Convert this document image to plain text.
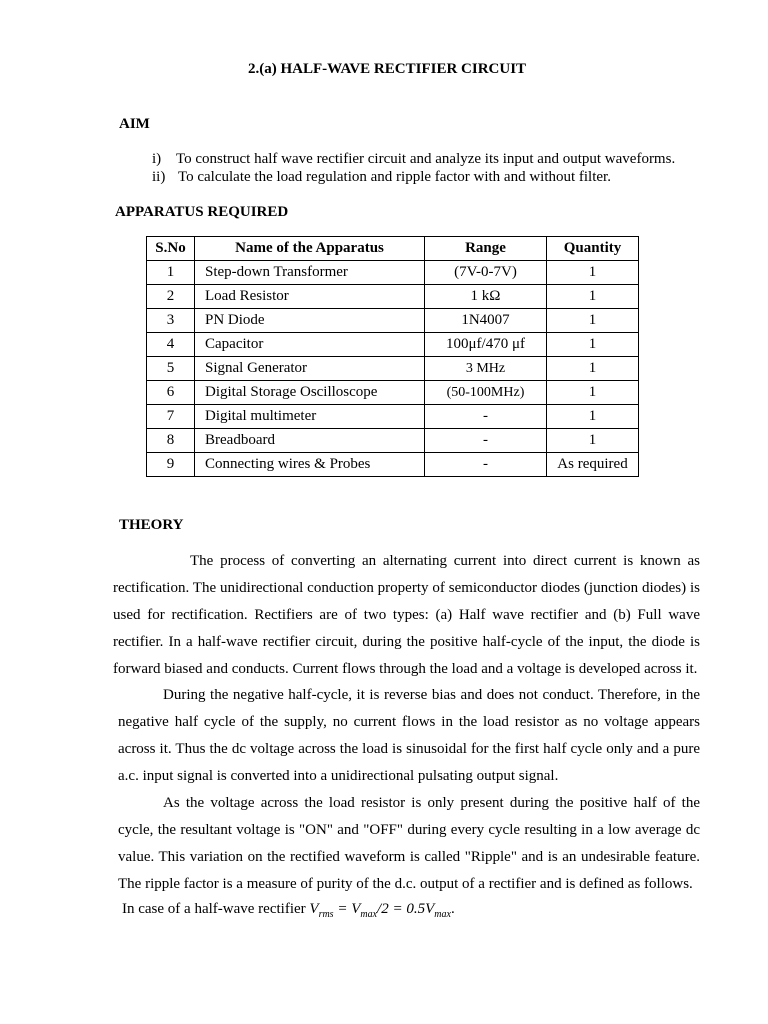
2.(a) HALF-WAVE RECTIFIER CIRCUIT
AIM
i) To construct half wave rectifier circuit and analyze its input and output waveforms.
ii) To calculate the load regulation and ripple factor with and without filter.
APPARATUS REQUIRED
S.No	Name of the Apparatus	Range	Quantity
1	Step-down Transformer	(7V-0-7V)	1
2	Load Resistor	1 kΩ	1
3	PN Diode	1N4007	1
4	Capacitor	100μf/470 μf	1
5	Signal Generator	3 MHz	1
6	Digital Storage Oscilloscope	(50-100MHz)	1
7	Digital multimeter	-	1
8	Breadboard	-	1
9	Connecting wires & Probes	-	As required
THEORY
The process of converting an alternating current into direct current is known as rectification. The unidirectional conduction property of semiconductor diodes (junction diodes) is used for rectification. Rectifiers are of two types: (a) Half wave rectifier and (b) Full wave rectifier. In a half-wave rectifier circuit, during the positive half-cycle of the input, the diode is forward biased and conducts. Current flows through the load and a voltage is developed across it.
During the negative half-cycle, it is reverse bias and does not conduct. Therefore, in the negative half cycle of the supply, no current flows in the load resistor as no voltage appears across it. Thus the dc voltage across the load is sinusoidal for the first half cycle only and a pure a.c. input signal is converted into a unidirectional pulsating output signal.
As the voltage across the load resistor is only present during the positive half of the cycle, the resultant voltage is "ON" and "OFF" during every cycle resulting in a low average dc value. This variation on the rectified waveform is called "Ripple" and is an undesirable feature. The ripple factor is a measure of purity of the d.c. output of a rectifier and is defined as follows.
In case of a half-wave rectifier $V_{rms} = V_{max}/2 = 0.5V_{max}$.
